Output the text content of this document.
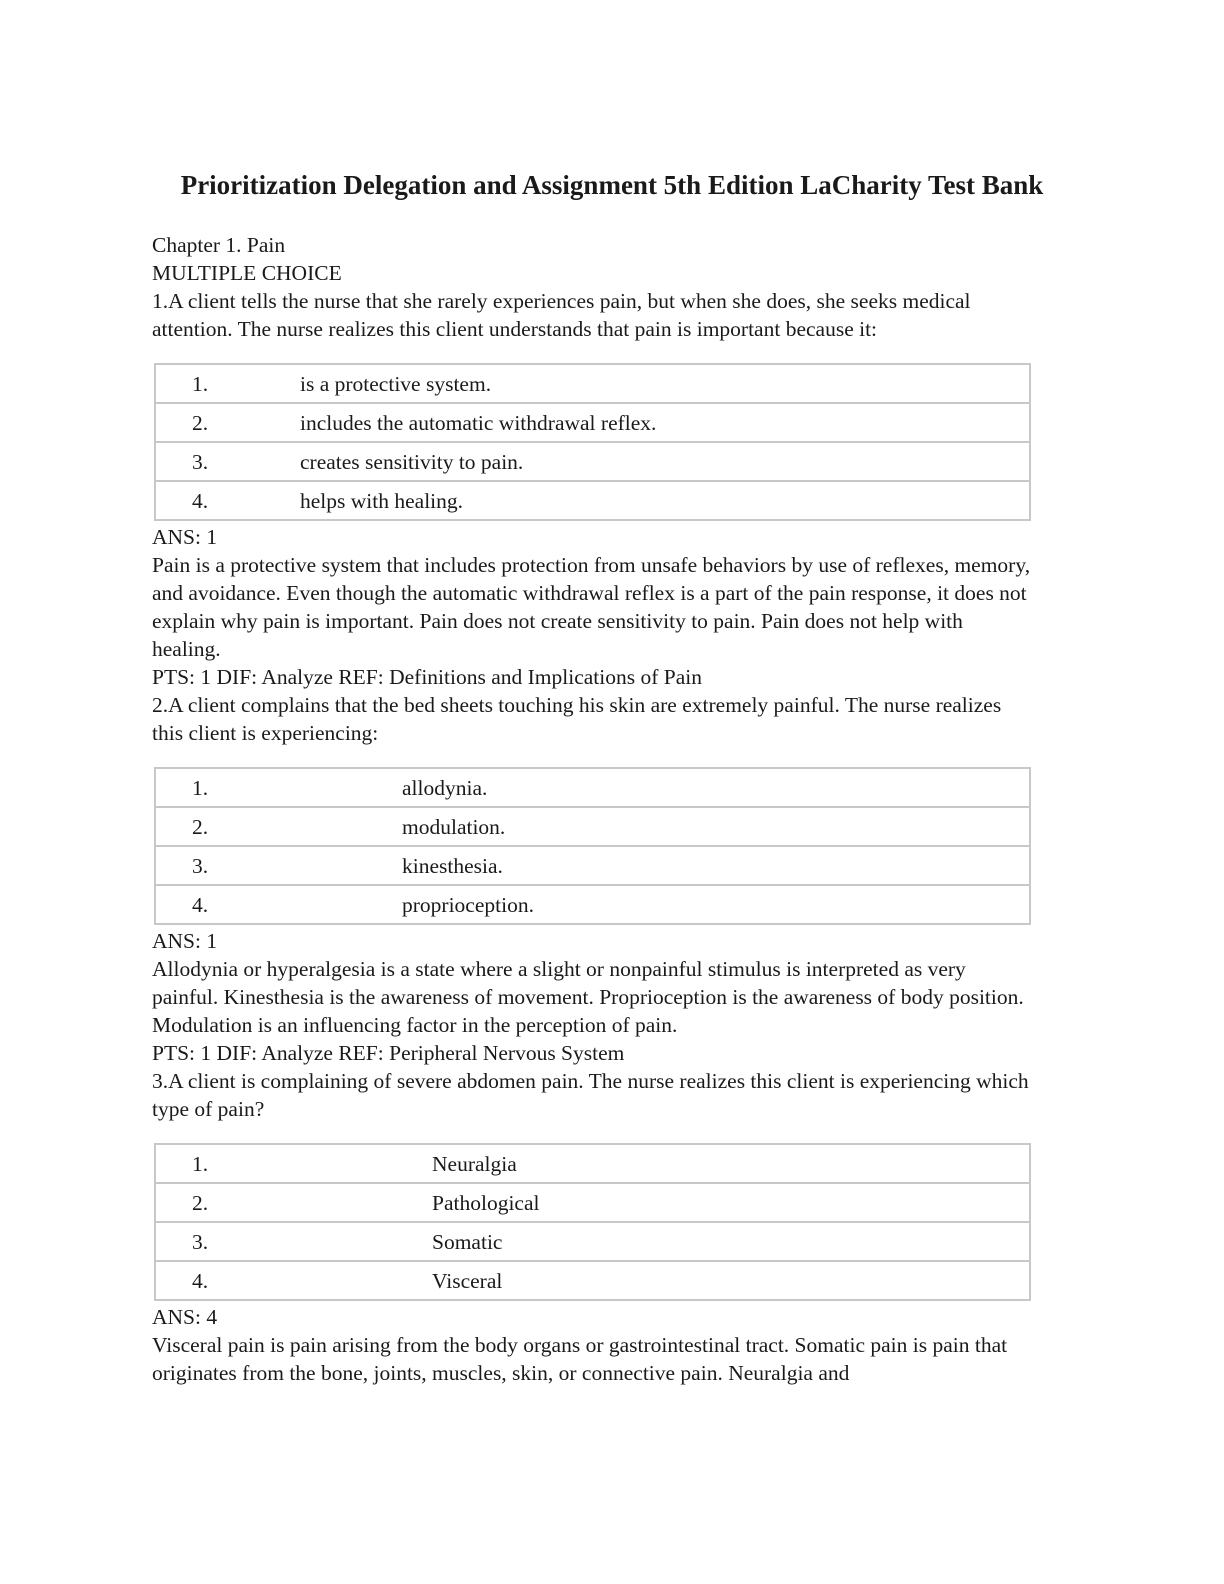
Prioritization Delegation and Assignment 5th Edition LaCharity Test Bank

Chapter 1. Pain

MULTIPLE CHOICE

1.A client tells the nurse that she rarely experiences pain, but when she does, she seeks medical attention. The nurse realizes this client understands that pain is important because it:

1.	is a protective system.
2.	includes the automatic withdrawal reflex.
3.	creates sensitivity to pain.
4.	helps with healing.

ANS: 1

Pain is a protective system that includes protection from unsafe behaviors by use of reflexes, memory, and avoidance. Even though the automatic withdrawal reflex is a part of the pain response, it does not explain why pain is important. Pain does not create sensitivity to pain. Pain does not help with healing.

PTS: 1 DIF: Analyze REF: Definitions and Implications of Pain

2.A client complains that the bed sheets touching his skin are extremely painful. The nurse realizes this client is experiencing:

1.	allodynia.
2.	modulation.
3.	kinesthesia.
4.	proprioception.

ANS: 1

Allodynia or hyperalgesia is a state where a slight or nonpainful stimulus is interpreted as very painful. Kinesthesia is the awareness of movement. Proprioception is the awareness of body position. Modulation is an influencing factor in the perception of pain.

PTS: 1 DIF: Analyze REF: Peripheral Nervous System

3.A client is complaining of severe abdomen pain. The nurse realizes this client is experiencing which type of pain?

1.	Neuralgia
2.	Pathological
3.	Somatic
4.	Visceral

ANS: 4

Visceral pain is pain arising from the body organs or gastrointestinal tract. Somatic pain is pain that originates from the bone, joints, muscles, skin, or connective pain. Neuralgia and
